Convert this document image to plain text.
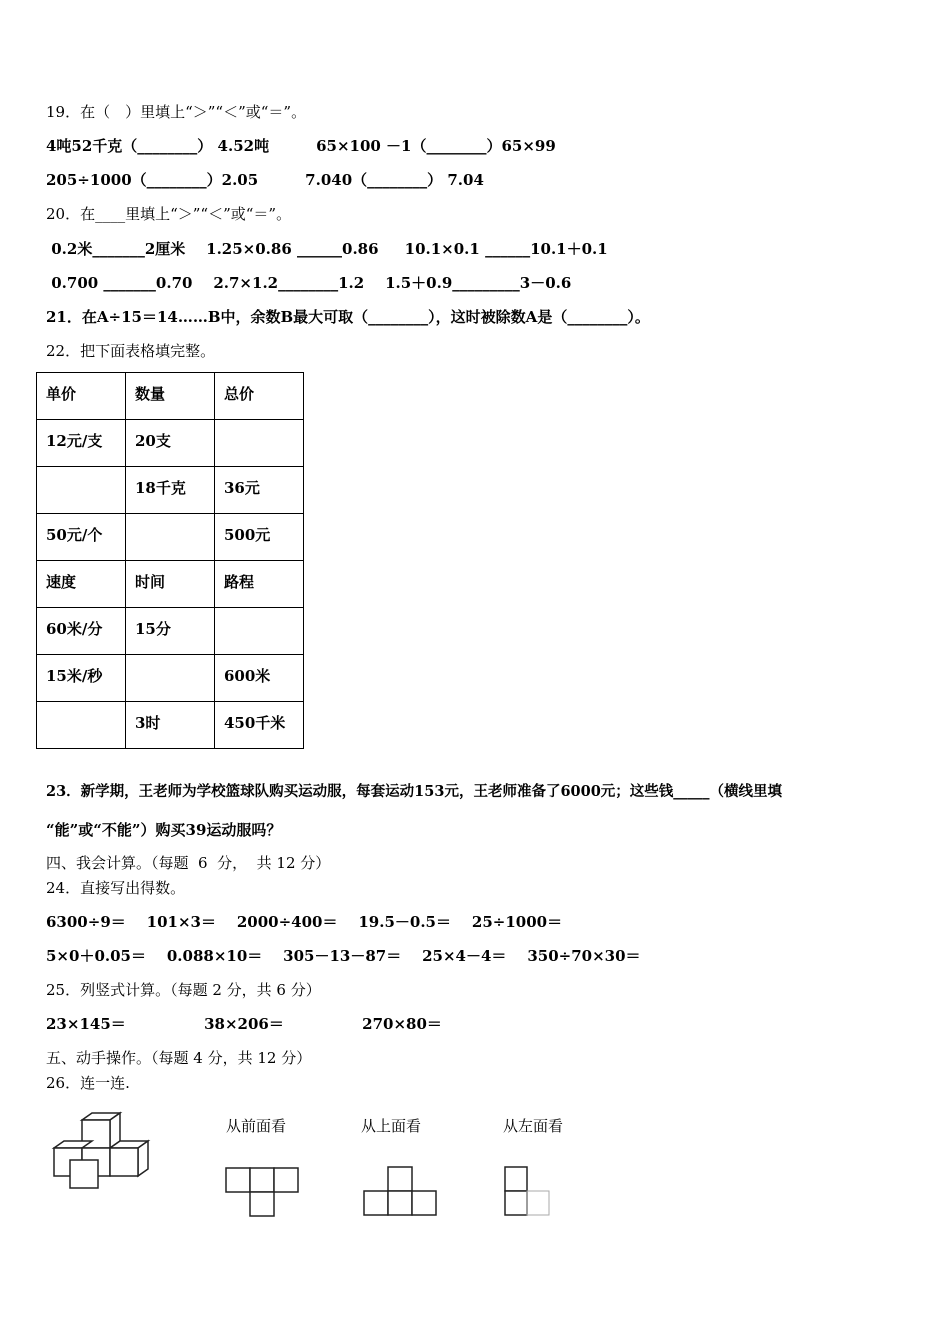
19．在（　）里填上“＞”“＜”或“＝”。
4吨52千克（________） 4.52吨         65×100 －1（________）65×99
205÷1000（________）2.05         7.040（________） 7.04
20．在____里填上“＞”“＜”或“＝”。
0.2米_______2厘米    1.25×0.86 ______0.86     10.1×0.1 ______10.1＋0.1
0.700 _______0.70    2.7×1.2________1.2    1.5＋0.9_________3－0.6
21．在A÷15＝14……B中，余数B最大可取（________），这时被除数A是（________）。
22．把下面表格填完整。
单价	数量	总价
12元/支	20支	
	18千克	36元
50元/个		500元
速度	时间	路程
60米/分	15分	
15米/秒		600米
	3时	450千米
23．新学期，王老师为学校篮球队购买运动服，每套运动153元，王老师准备了6000元；这些钱_____（横线里填
“能”或“不能”）购买39运动服吗？
四、我会计算。（每题  6  分，  共 12 分）
24．直接写出得数。
6300÷9＝    101×3＝    2000÷400＝    19.5－0.5＝    25÷1000＝
5×0＋0.05＝    0.088×10＝    305－13－87＝    25×4－4＝    350÷70×30＝
25．列竖式计算。（每题 2 分，共 6 分）
23×145＝               38×206＝               270×80＝
五、动手操作。（每题 4 分，共 12 分）
26．连一连.
从前面看	从上面看	从左面看
